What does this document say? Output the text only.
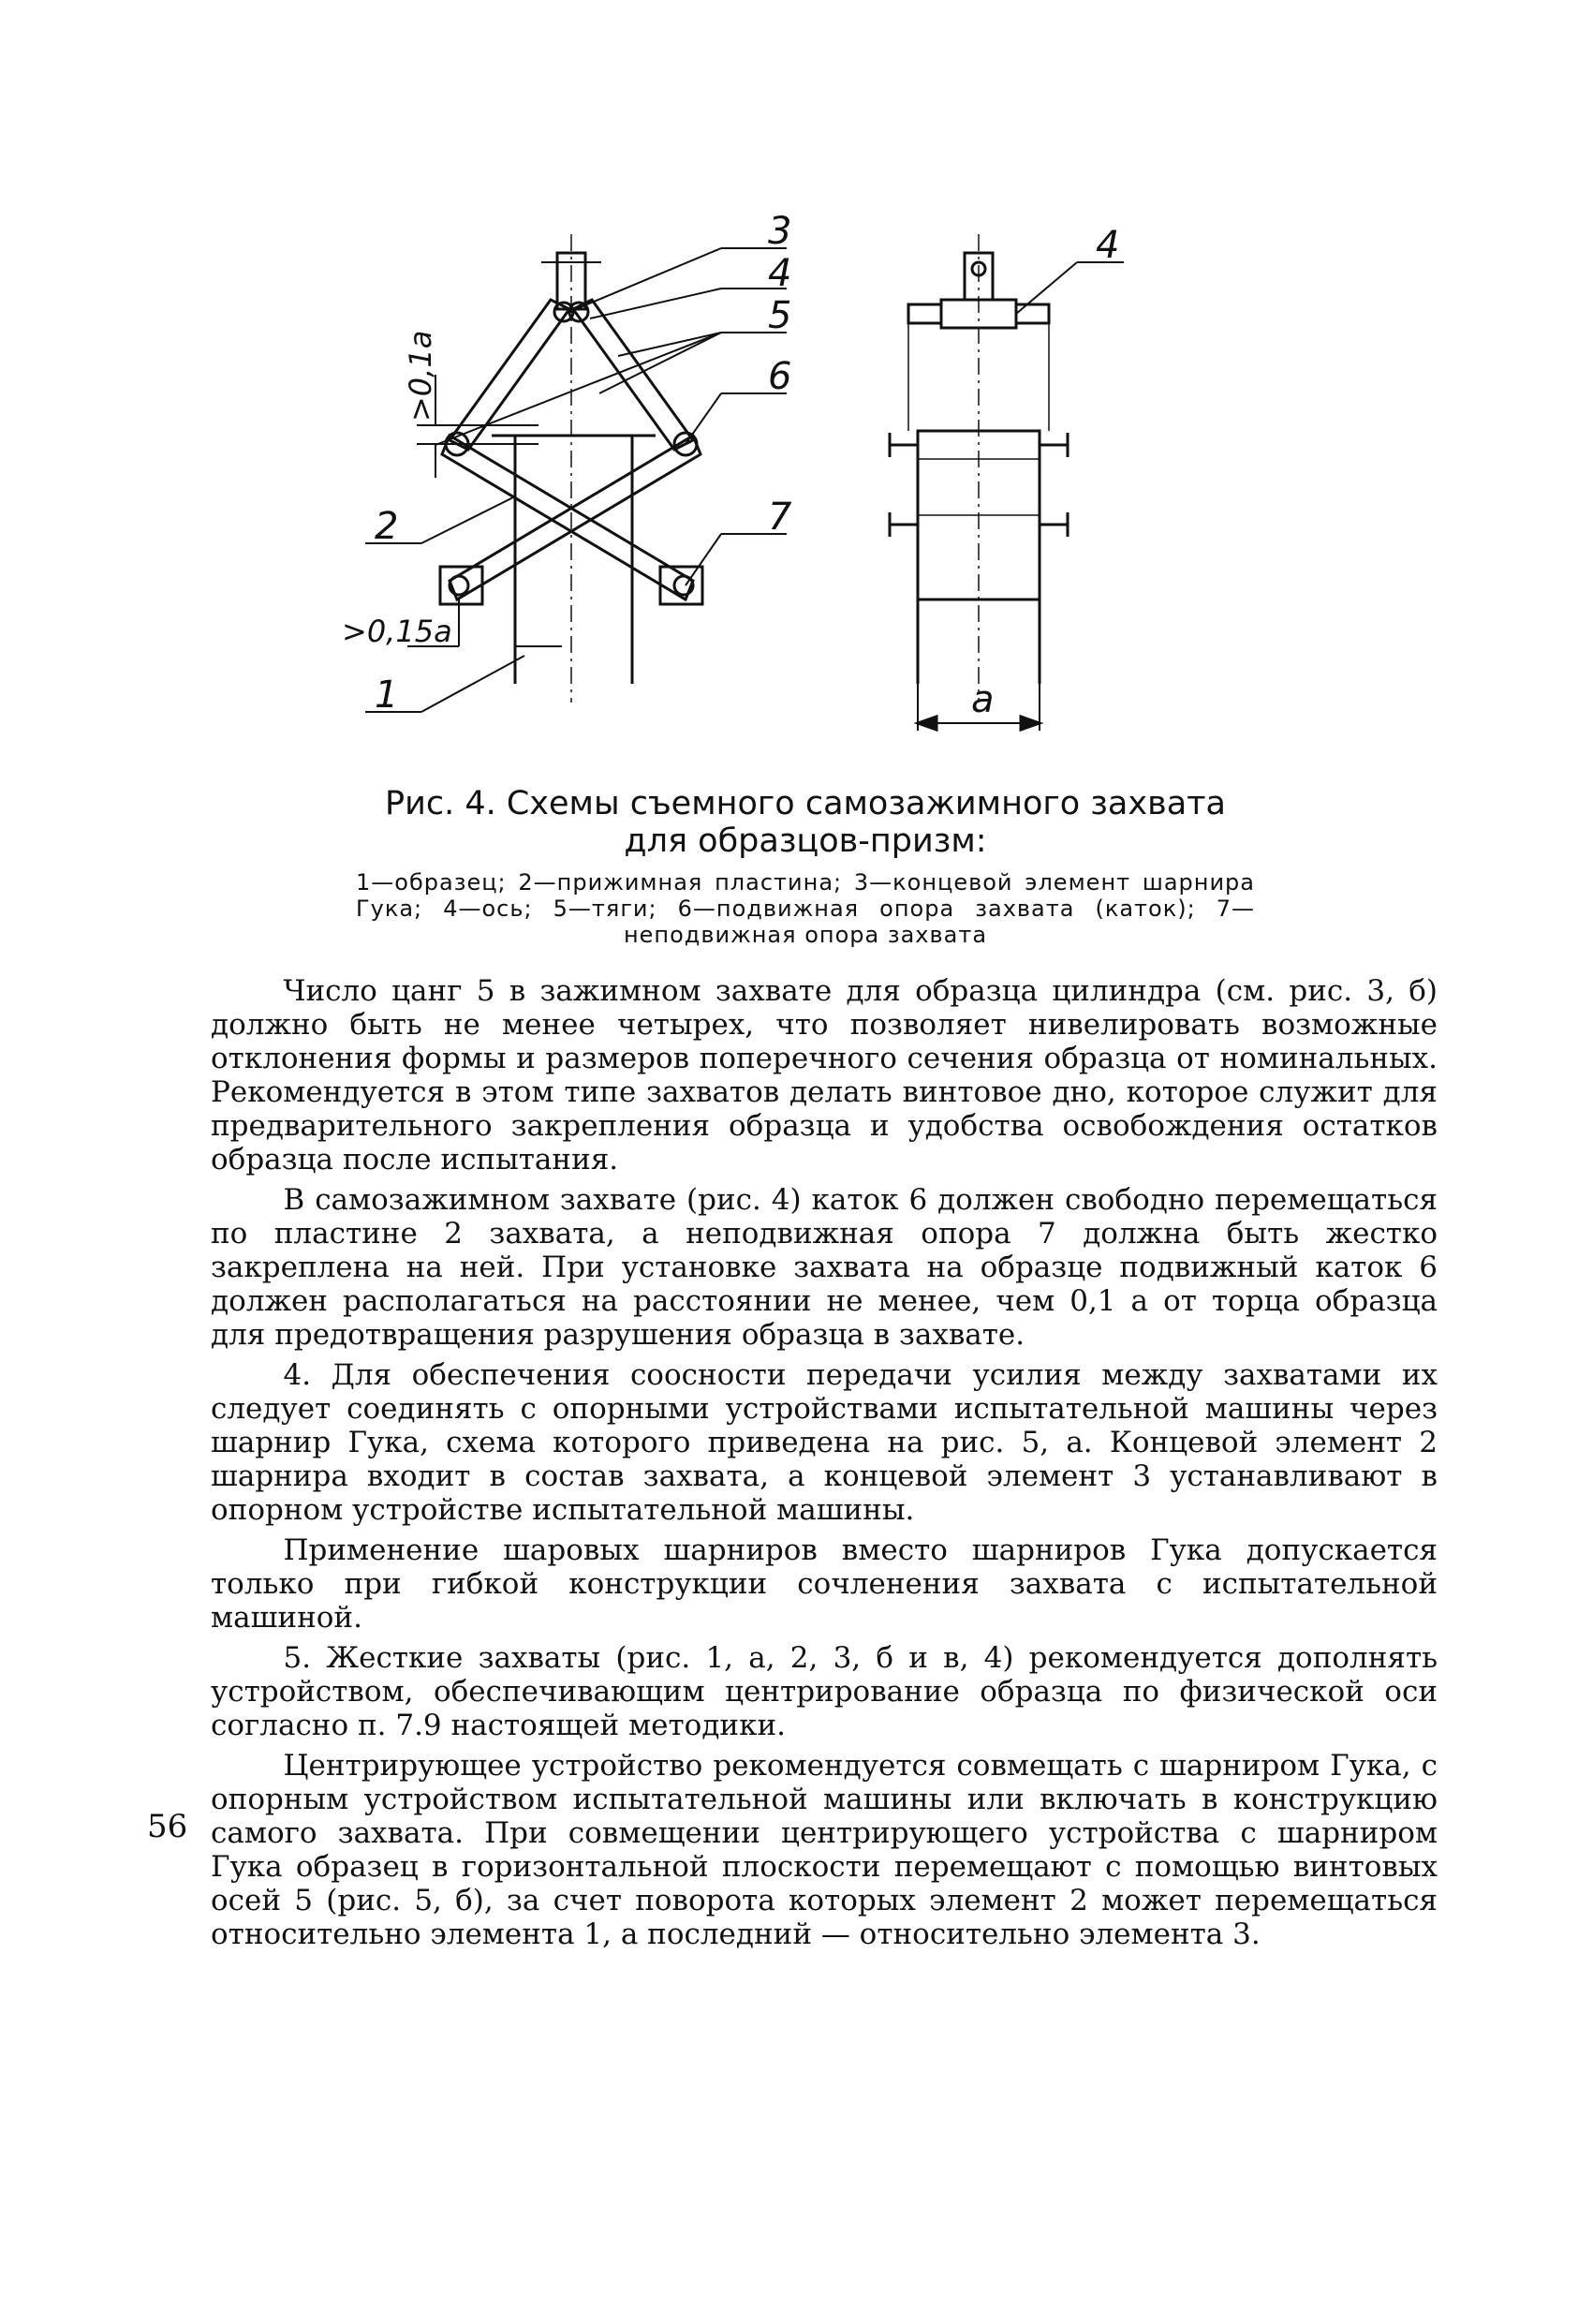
3
4
5
6
7
2
1
4
a
>0,1a
>0,15a
Рис. 4. Схемы съемного самозажимного захвата для образцов-призм:
1—образец; 2—прижимная пластина; 3—концевой элемент шарнира Гука; 4—ось; 5—тяги; 6—подвижная опора захвата (каток); 7—неподвижная опора захвата

Число цанг 5 в зажимном захвате для образца цилиндра (см. рис. 3, б) должно быть не менее четырех, что позволяет нивелировать возможные отклонения формы и размеров поперечного сечения образца от номинальных. Рекомендуется в этом типе захватов делать винтовое дно, которое служит для предварительного закрепления образца и удобства освобождения остатков образца после испытания.

В самозажимном захвате (рис. 4) каток 6 должен свободно перемещаться по пластине 2 захвата, а неподвижная опора 7 должна быть жестко закреплена на ней. При установке захвата на образце подвижный каток 6 должен располагаться на расстоянии не менее, чем 0,1 a от торца образца для предотвращения разрушения образца в захвате.

4. Для обеспечения соосности передачи усилия между захватами их следует соединять с опорными устройствами испытательной машины через шарнир Гука, схема которого приведена на рис. 5, а. Концевой элемент 2 шарнира входит в состав захвата, а концевой элемент 3 устанавливают в опорном устройстве испытательной машины.

Применение шаровых шарниров вместо шарниров Гука допускается только при гибкой конструкции сочленения захвата с испытательной машиной.

5. Жесткие захваты (рис. 1, а, 2, 3, б и в, 4) рекомендуется дополнять устройством, обеспечивающим центрирование образца по физической оси согласно п. 7.9 настоящей методики.

Центрирующее устройство рекомендуется совмещать с шарниром Гука, с опорным устройством испытательной машины или включать в конструкцию самого захвата. При совмещении центрирующего устройства с шарниром Гука образец в горизонтальной плоскости перемещают с помощью винтовых осей 5 (рис. 5, б), за счет поворота которых элемент 2 может перемещаться относительно элемента 1, а последний — относительно элемента 3.

56
